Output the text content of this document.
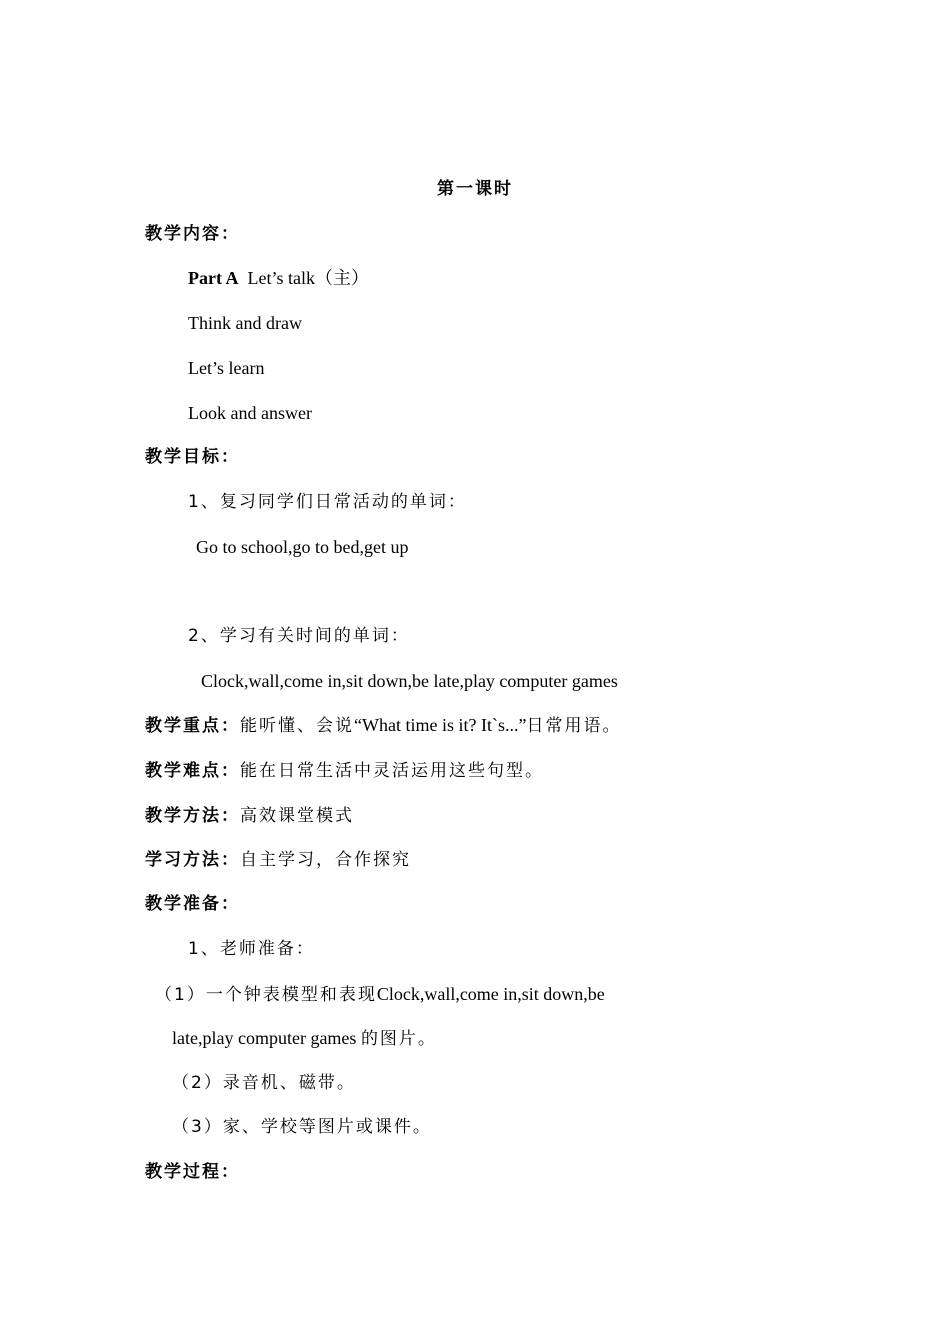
第一课时
教学内容：
Part A Let’s talk（主）
Think and draw
Let’s learn
Look and answer
教学目标：
1、复习同学们日常活动的单词：
Go to school,go to bed,get up
2、学习有关时间的单词：
Clock,wall,come in,sit down,be late,play computer games
教学重点：能听懂、会说“What time is it? It`s...”日常用语。
教学难点：能在日常生活中灵活运用这些句型。
教学方法：高效课堂模式
学习方法：自主学习，合作探究
教学准备：
1、老师准备：
（1）一个钟表模型和表现Clock,wall,come in,sit down,be
late,play computer games 的图片。
（2）录音机、磁带。
（3）家、学校等图片或课件。
教学过程：
